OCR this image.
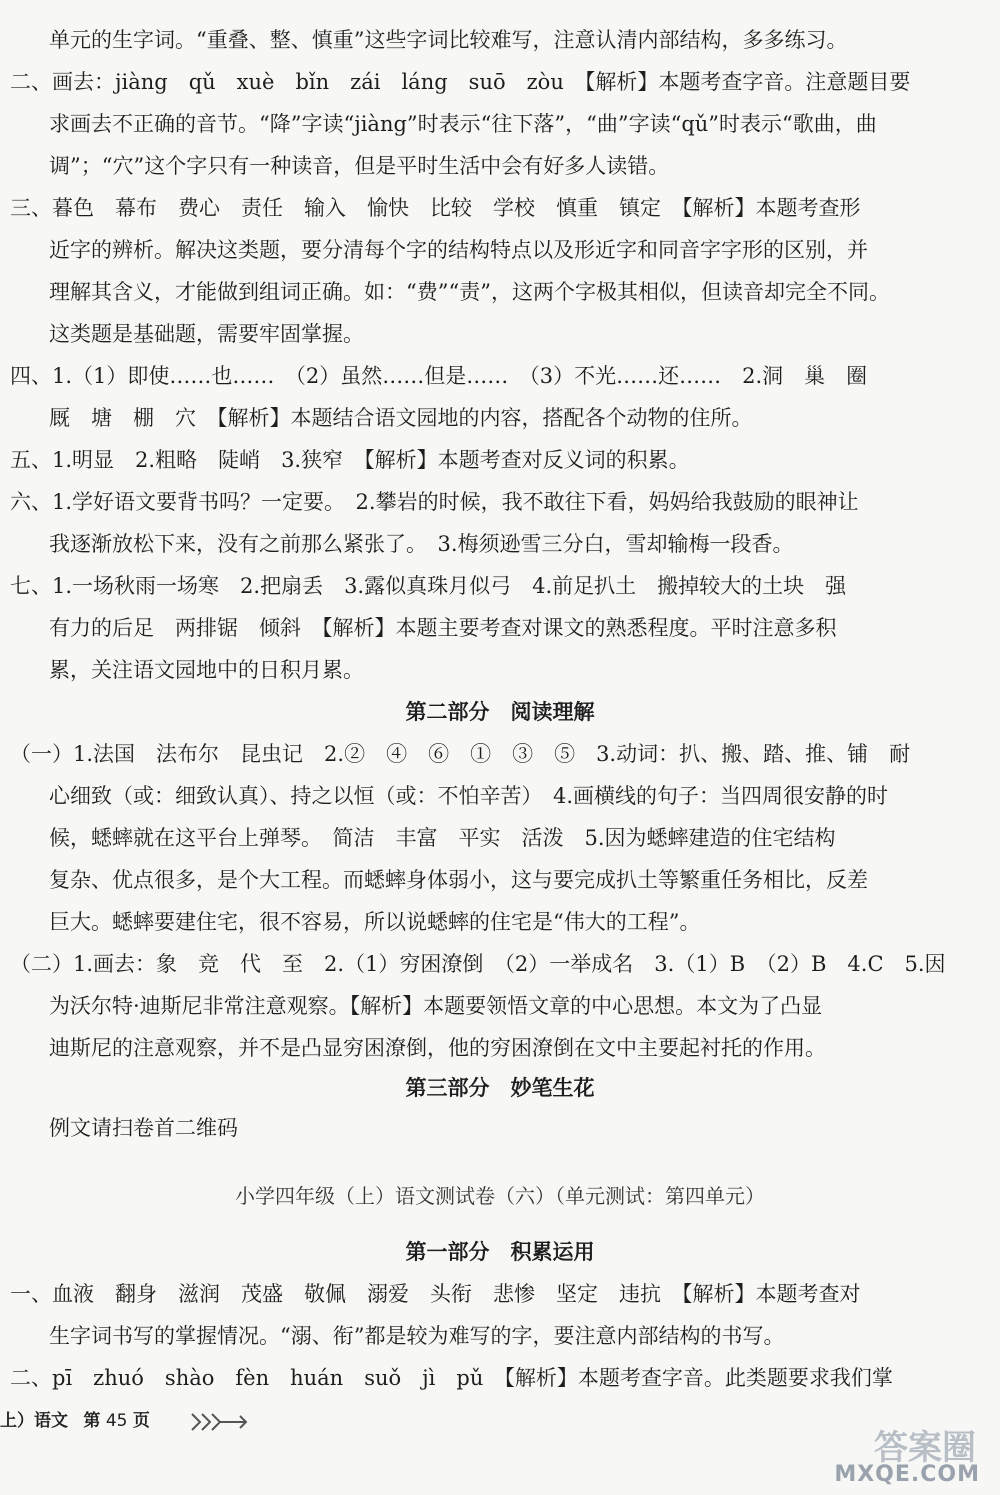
单元的生字词。“重叠、整、慎重”这些字词比较难写，注意认清内部结构，多多练习。
二、画去：jiàng　qǔ　xuè　bǐn　zái　láng　suō　zòu　【解析】本题考查字音。注意题目要
求画去不正确的音节。“降”字读“jiàng”时表示“往下落”，“曲”字读“qǔ”时表示“歌曲，曲
调”；“穴”这个字只有一种读音，但是平时生活中会有好多人读错。
三、暮色　幕布　费心　责任　输入　愉快　比较　学校　慎重　镇定　【解析】本题考查形
近字的辨析。解决这类题，要分清每个字的结构特点以及形近字和同音字字形的区别，并
理解其含义，才能做到组词正确。如：“费”“责”，这两个字极其相似，但读音却完全不同。
这类题是基础题，需要牢固掌握。
四、1.（1）即使……也……　（2）虽然……但是……　（3）不光……还……　2.洞　巢　圈
厩　塘　棚　穴　【解析】本题结合语文园地的内容，搭配各个动物的住所。
五、1.明显　2.粗略　陡峭　3.狭窄　【解析】本题考查对反义词的积累。
六、1.学好语文要背书吗？一定要。　2.攀岩的时候，我不敢往下看，妈妈给我鼓励的眼神让
我逐渐放松下来，没有之前那么紧张了。　3.梅须逊雪三分白，雪却输梅一段香。
七、1.一场秋雨一场寒　2.把扇丢　3.露似真珠月似弓　4.前足扒土　搬掉较大的土块　强
有力的后足　两排锯　倾斜　【解析】本题主要考查对课文的熟悉程度。平时注意多积
累，关注语文园地中的日积月累。
第二部分　阅读理解
（一）1.法国　法布尔　昆虫记　2.②　④　⑥　①　③　⑤　3.动词：扒、搬、踏、推、铺　耐
心细致（或：细致认真）、持之以恒（或：不怕辛苦）　4.画横线的句子：当四周很安静的时
候，蟋蟀就在这平台上弹琴。　简洁　丰富　平实　活泼　5.因为蟋蟀建造的住宅结构
复杂、优点很多，是个大工程。而蟋蟀身体弱小，这与要完成扒土等繁重任务相比，反差
巨大。蟋蟀要建住宅，很不容易，所以说蟋蟀的住宅是“伟大的工程”。
（二）1.画去：象　竞　代　至　2.（1）穷困潦倒　（2）一举成名　3.（1）B　（2）B　4.C　5.因
为沃尔特·迪斯尼非常注意观察。【解析】本题要领悟文章的中心思想。本文为了凸显
迪斯尼的注意观察，并不是凸显穷困潦倒，他的穷困潦倒在文中主要起衬托的作用。
第三部分　妙笔生花
例文请扫卷首二维码
小学四年级（上）语文测试卷（六）（单元测试：第四单元）
第一部分　积累运用
一、血液　翻身　滋润　茂盛　敬佩　溺爱　头衔　悲惨　坚定　违抗　【解析】本题考查对
生字词书写的掌握情况。“溺、衔”都是较为难写的字，要注意内部结构的书写。
二、pī　zhuó　shào　fèn　huán　suǒ　jì　pǔ　【解析】本题考查字音。此类题要求我们掌
上）语文 第 45 页
答案圈
MXQE.COM
